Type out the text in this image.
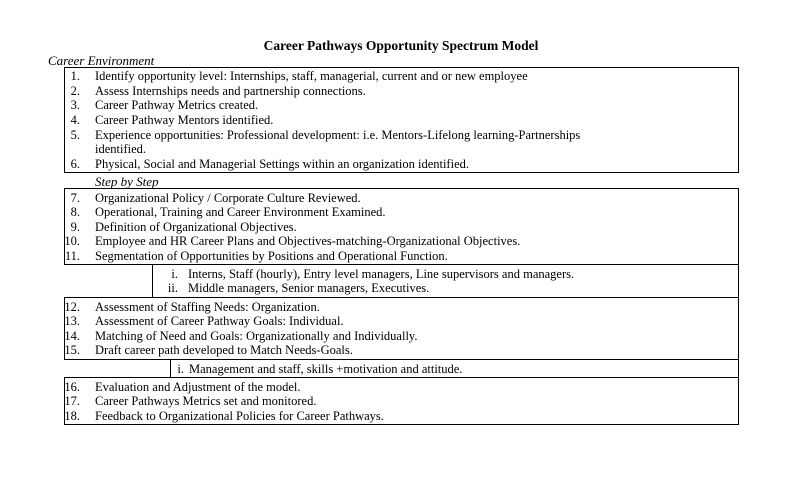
Career Pathways Opportunity Spectrum Model
Career Environment
1. Identify opportunity level: Internships, staff, managerial, current and or new employee
2. Assess Internships needs and partnership connections.
3. Career Pathway Metrics created.
4. Career Pathway Mentors identified.
5. Experience opportunities: Professional development: i.e. Mentors-Lifelong learning-Partnerships
identified.
6. Physical, Social and Managerial Settings within an organization identified.
Step by Step
7. Organizational Policy / Corporate Culture Reviewed.
8. Operational, Training and Career Environment Examined.
9. Definition of Organizational Objectives.
10. Employee and HR Career Plans and Objectives-matching-Organizational Objectives.
11. Segmentation of Opportunities by Positions and Operational Function.
i. Interns, Staff (hourly), Entry level managers, Line supervisors and managers.
ii. Middle managers, Senior managers, Executives.
12. Assessment of Staffing Needs: Organization.
13. Assessment of Career Pathway Goals: Individual.
14. Matching of Need and Goals: Organizationally and Individually.
15. Draft career path developed to Match Needs-Goals.
i. Management and staff, skills +motivation and attitude.
16. Evaluation and Adjustment of the model.
17. Career Pathways Metrics set and monitored.
18. Feedback to Organizational Policies for Career Pathways.
